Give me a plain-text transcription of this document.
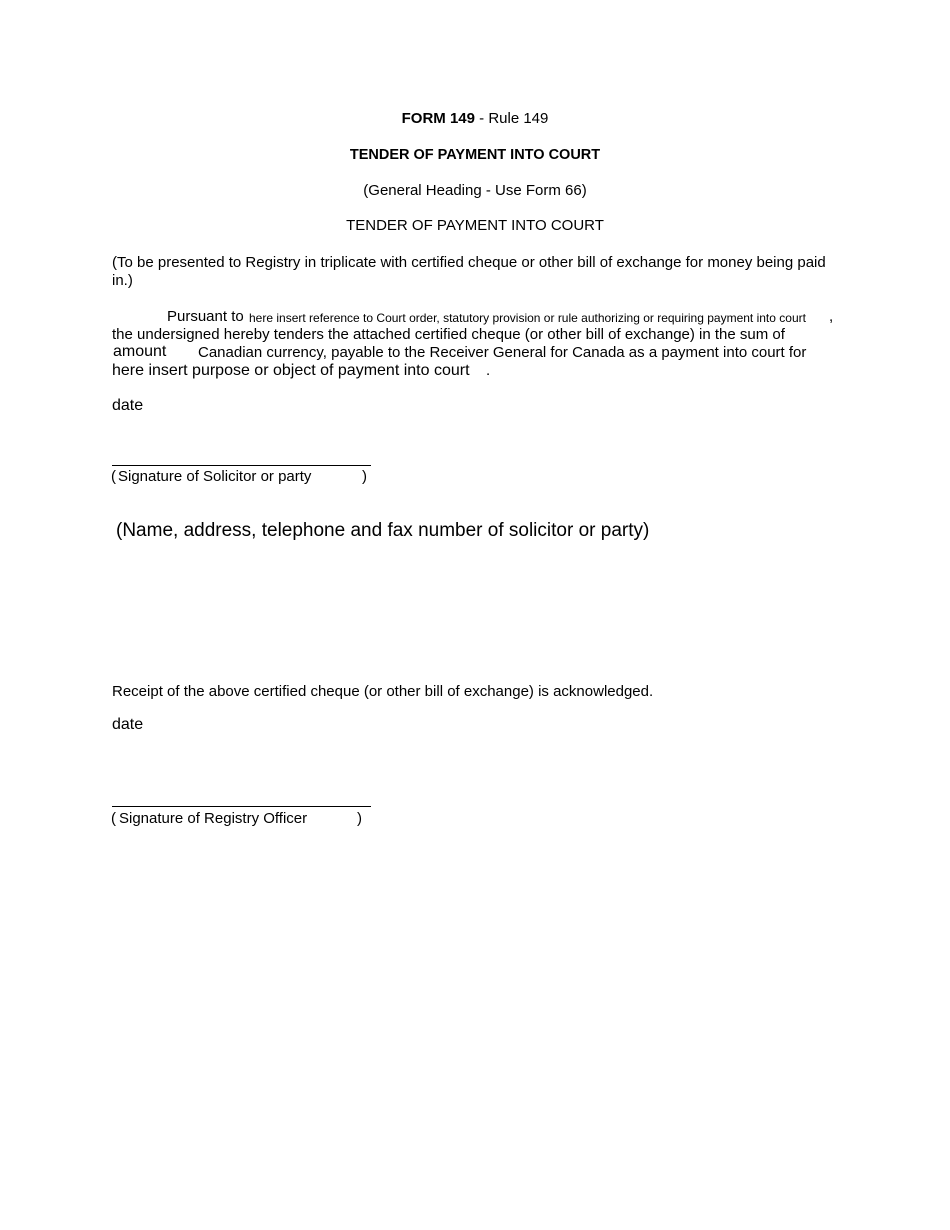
FORM 149 - Rule 149
TENDER OF PAYMENT INTO COURT
(General Heading - Use Form 66)
TENDER OF PAYMENT INTO COURT
(To be presented to Registry in triplicate with certified cheque or other bill of exchange for money being paid in.)
Pursuant to here insert reference to Court order, statutory provision or rule authorizing or requiring payment into court ,
the undersigned hereby tenders the attached certified cheque (or other bill of exchange) in the sum of
amount Canadian currency, payable to the Receiver General for Canada as a payment into court for
here insert purpose or object of payment into court .
date
( Signature of Solicitor or party	)
(Name, address, telephone and fax number of solicitor or party)
Receipt of the above certified cheque (or other bill of exchange) is acknowledged.
date
( Signature of Registry Officer	)
